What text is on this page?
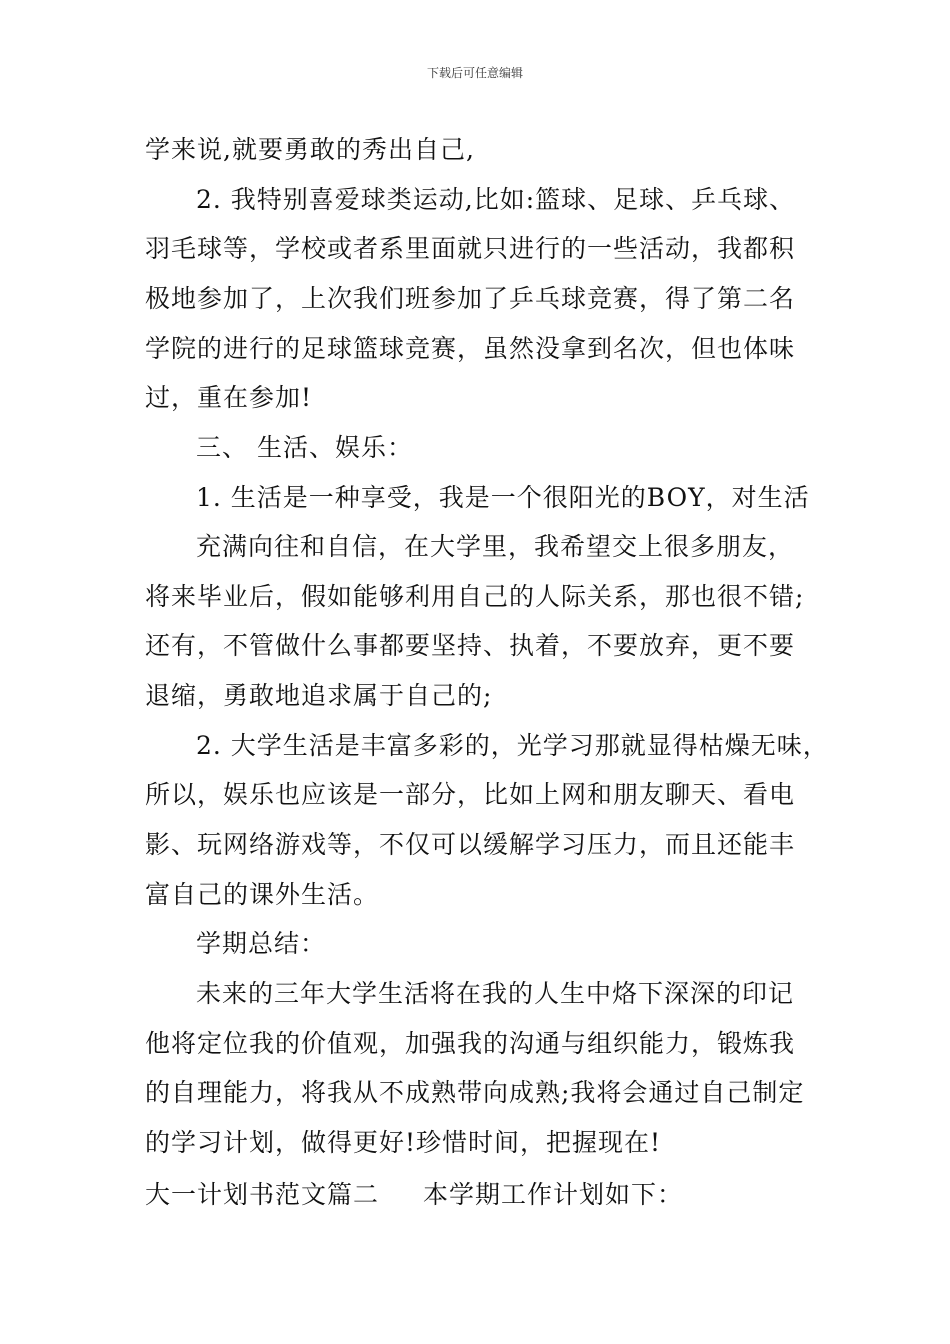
下载后可任意编辑
学来说,就要勇敢的秀出自己,
2. 我特别喜爱球类运动,比如:篮球、足球、乒乓球、
羽毛球等，学校或者系里面就只进行的一些活动，我都积
极地参加了，上次我们班参加了乒乓球竞赛，得了第二名
学院的进行的足球篮球竞赛，虽然没拿到名次，但也体味
过，重在参加!
三、 生活、娱乐：
1. 生活是一种享受，我是一个很阳光的BOY，对生活
充满向往和自信，在大学里，我希望交上很多朋友，
将来毕业后，假如能够利用自己的人际关系，那也很不错;
还有，不管做什么事都要坚持、执着，不要放弃，更不要
退缩，勇敢地追求属于自己的;
2. 大学生活是丰富多彩的，光学习那就显得枯燥无味，
所以，娱乐也应该是一部分，比如上网和朋友聊天、看电
影、玩网络游戏等，不仅可以缓解学习压力，而且还能丰
富自己的课外生活。
学期总结：
未来的三年大学生活将在我的人生中烙下深深的印记
他将定位我的价值观，加强我的沟通与组织能力，锻炼我
的自理能力，将我从不成熟带向成熟;我将会通过自己制定
的学习计划，做得更好!珍惜时间，把握现在!
大一计划书范文篇二 本学期工作计划如下：
